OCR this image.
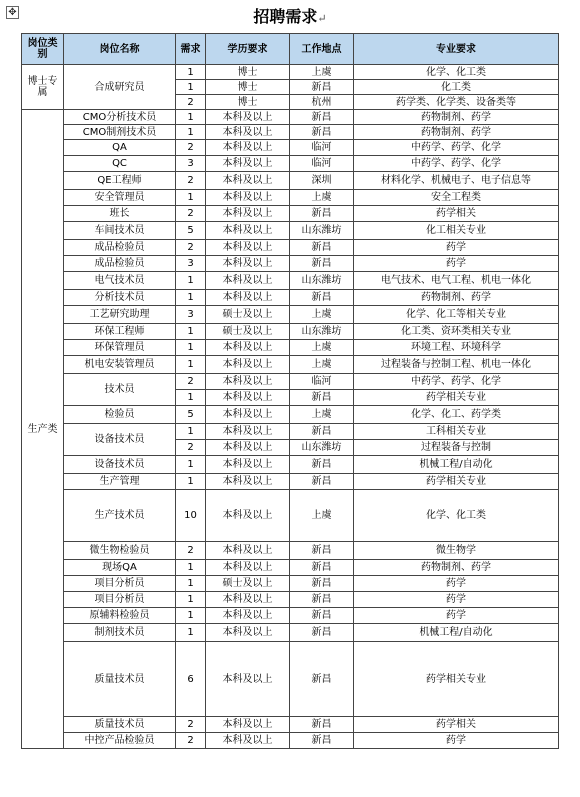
✥	招聘需求↵
岗位类别	岗位名称	需求	学历要求	工作地点	专业要求
博士专属	合成研究员	1	博士	上虞	化学、化工类
		1	博士	新昌	化工类
		2	博士	杭州	药学类、化学类、设备类等
生产类	CMO分析技术员	1	本科及以上	新昌	药物制剂、药学
	CMO制剂技术员	1	本科及以上	新昌	药物制剂、药学
	QA	2	本科及以上	临河	中药学、药学、化学
	QC	3	本科及以上	临河	中药学、药学、化学
	QE工程师	2	本科及以上	深圳	材料化学、机械电子、电子信息等
	安全管理员	1	本科及以上	上虞	安全工程类
	班长	2	本科及以上	新昌	药学相关
	车间技术员	5	本科及以上	山东潍坊	化工相关专业
	成品检验员	2	本科及以上	新昌	药学
	成品检验员	3	本科及以上	新昌	药学
	电气技术员	1	本科及以上	山东潍坊	电气技术、电气工程、机电一体化
	分析技术员	1	本科及以上	新昌	药物制剂、药学
	工艺研究助理	3	硕士及以上	上虞	化学、化工等相关专业
	环保工程师	1	硕士及以上	山东潍坊	化工类、资环类相关专业
	环保管理员	1	本科及以上	上虞	环境工程、环境科学
	机电安装管理员	1	本科及以上	上虞	过程装备与控制工程、机电一体化
	技术员	2	本科及以上	临河	中药学、药学、化学
		1	本科及以上	新昌	药学相关专业
	检验员	5	本科及以上	上虞	化学、化工、药学类
	设备技术员	1	本科及以上	新昌	工科相关专业
		2	本科及以上	山东潍坊	过程装备与控制
	设备技术员	1	本科及以上	新昌	机械工程/自动化
	生产管理	1	本科及以上	新昌	药学相关专业
	生产技术员	10	本科及以上	上虞	化学、化工类
	微生物检验员	2	本科及以上	新昌	微生物学
	现场QA	1	本科及以上	新昌	药物制剂、药学
	项目分析员	1	硕士及以上	新昌	药学
	项目分析员	1	本科及以上	新昌	药学
	原辅料检验员	1	本科及以上	新昌	药学
	制剂技术员	1	本科及以上	新昌	机械工程/自动化
	质量技术员	6	本科及以上	新昌	药学相关专业
	质量技术员	2	本科及以上	新昌	药学相关
	中控产品检验员	2	本科及以上	新昌	药学
